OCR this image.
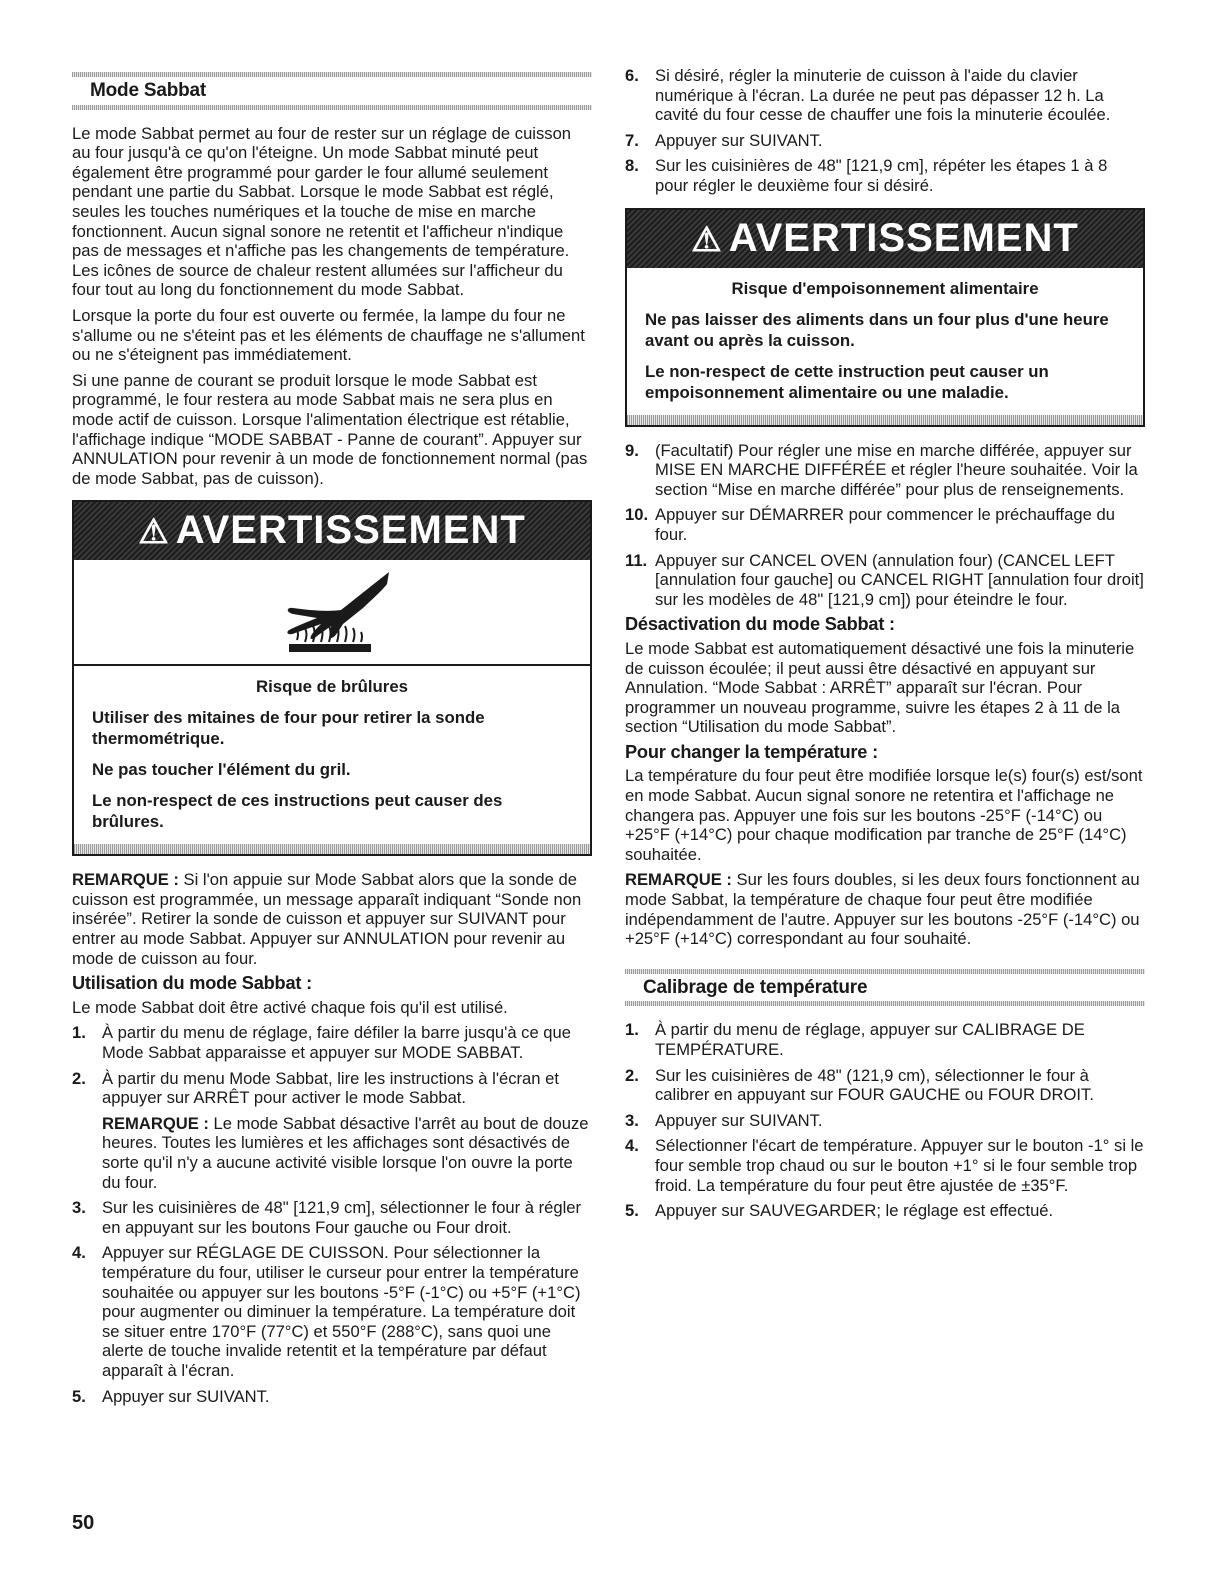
Mode Sabbat

Le mode Sabbat permet au four de rester sur un réglage de cuisson au four jusqu'à ce qu'on l'éteigne. Un mode Sabbat minuté peut également être programmé pour garder le four allumé seulement pendant une partie du Sabbat. Lorsque le mode Sabbat est réglé, seules les touches numériques et la touche de mise en marche fonctionnent. Aucun signal sonore ne retentit et l'afficheur n'indique pas de messages et n'affiche pas les changements de température. Les icônes de source de chaleur restent allumées sur l'afficheur du four tout au long du fonctionnement du mode Sabbat.

Lorsque la porte du four est ouverte ou fermée, la lampe du four ne s'allume ou ne s'éteint pas et les éléments de chauffage ne s'allument ou ne s'éteignent pas immédiatement.

Si une panne de courant se produit lorsque le mode Sabbat est programmé, le four restera au mode Sabbat mais ne sera plus en mode actif de cuisson. Lorsque l'alimentation électrique est rétablie, l'affichage indique “MODE SABBAT - Panne de courant”. Appuyer sur ANNULATION pour revenir à un mode de fonctionnement normal (pas de mode Sabbat, pas de cuisson).

⚠ AVERTISSEMENT
Risque de brûlures

Utiliser des mitaines de four pour retirer la sonde thermométrique.

Ne pas toucher l'élément du gril.

Le non-respect de ces instructions peut causer des brûlures.

REMARQUE : Si l'on appuie sur Mode Sabbat alors que la sonde de cuisson est programmée, un message apparaît indiquant “Sonde non insérée”. Retirer la sonde de cuisson et appuyer sur SUIVANT pour entrer au mode Sabbat. Appuyer sur ANNULATION pour revenir au mode de cuisson au four.

Utilisation du mode Sabbat :

Le mode Sabbat doit être activé chaque fois qu'il est utilisé.

1. À partir du menu de réglage, faire défiler la barre jusqu'à ce que Mode Sabbat apparaisse et appuyer sur MODE SABBAT.
2. À partir du menu Mode Sabbat, lire les instructions à l'écran et appuyer sur ARRÊT pour activer le mode Sabbat.

REMARQUE : Le mode Sabbat désactive l'arrêt au bout de douze heures. Toutes les lumières et les affichages sont désactivés de sorte qu'il n'y a aucune activité visible lorsque l'on ouvre la porte du four.

3. Sur les cuisinières de 48" [121,9 cm], sélectionner le four à régler en appuyant sur les boutons Four gauche ou Four droit.
4. Appuyer sur RÉGLAGE DE CUISSON. Pour sélectionner la température du four, utiliser le curseur pour entrer la température souhaitée ou appuyer sur les boutons -5°F (-1°C) ou +5°F (+1°C) pour augmenter ou diminuer la température. La température doit se situer entre 170°F (77°C) et 550°F (288°C), sans quoi une alerte de touche invalide retentit et la température par défaut apparaît à l'écran.
5. Appuyer sur SUIVANT.
6. Si désiré, régler la minuterie de cuisson à l'aide du clavier numérique à l'écran. La durée ne peut pas dépasser 12 h. La cavité du four cesse de chauffer une fois la minuterie écoulée.
7. Appuyer sur SUIVANT.
8. Sur les cuisinières de 48" [121,9 cm], répéter les étapes 1 à 8 pour régler le deuxième four si désiré.
⚠ AVERTISSEMENT
Risque d'empoisonnement alimentaire

Ne pas laisser des aliments dans un four plus d'une heure avant ou après la cuisson.

Le non-respect de cette instruction peut causer un empoisonnement alimentaire ou une maladie.

9. (Facultatif) Pour régler une mise en marche différée, appuyer sur MISE EN MARCHE DIFFÉRÉE et régler l'heure souhaitée. Voir la section “Mise en marche différée” pour plus de renseignements.
10. Appuyer sur DÉMARRER pour commencer le préchauffage du four.
11. Appuyer sur CANCEL OVEN (annulation four) (CANCEL LEFT [annulation four gauche] ou CANCEL RIGHT [annulation four droit] sur les modèles de 48" [121,9 cm]) pour éteindre le four.
Désactivation du mode Sabbat :

Le mode Sabbat est automatiquement désactivé une fois la minuterie de cuisson écoulée; il peut aussi être désactivé en appuyant sur Annulation. “Mode Sabbat : ARRÊT” apparaît sur l'écran. Pour programmer un nouveau programme, suivre les étapes 2 à 11 de la section “Utilisation du mode Sabbat”.

Pour changer la température :

La température du four peut être modifiée lorsque le(s) four(s) est/sont en mode Sabbat. Aucun signal sonore ne retentira et l'affichage ne changera pas. Appuyer une fois sur les boutons -25°F (-14°C) ou +25°F (+14°C) pour chaque modification par tranche de 25°F (14°C) souhaitée.

REMARQUE : Sur les fours doubles, si les deux fours fonctionnent au mode Sabbat, la température de chaque four peut être modifiée indépendamment de l'autre. Appuyer sur les boutons -25°F (-14°C) ou +25°F (+14°C) correspondant au four souhaité.

Calibrage de température
1. À partir du menu de réglage, appuyer sur CALIBRAGE DE TEMPÉRATURE.
2. Sur les cuisinières de 48" (121,9 cm), sélectionner le four à calibrer en appuyant sur FOUR GAUCHE ou FOUR DROIT.
3. Appuyer sur SUIVANT.
4. Sélectionner l'écart de température. Appuyer sur le bouton -1° si le four semble trop chaud ou sur le bouton +1° si le four semble trop froid. La température du four peut être ajustée de ±35°F.
5. Appuyer sur SAUVEGARDER; le réglage est effectué.
50
